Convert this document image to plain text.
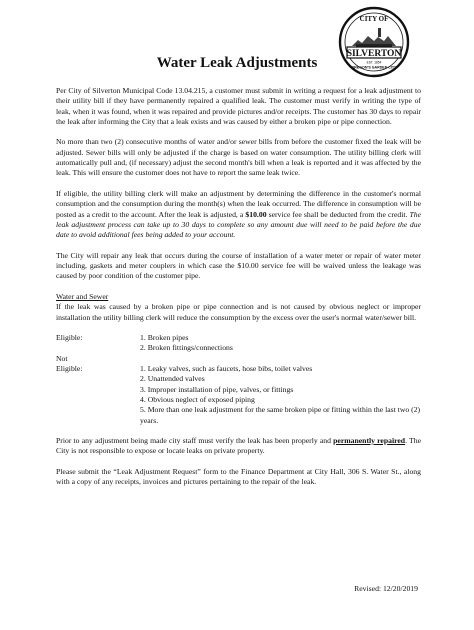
CITY OF
SILVERTON
EST. 1854
OREGON'S GARDEN CITY
Water Leak Adjustments

Per City of Silverton Municipal Code 13.04.215, a customer must submit in writing a request for a leak adjustment to their utility bill if they have permanently repaired a qualified leak. The customer must verify in writing the type of leak, when it was found, when it was repaired and provide pictures and/or receipts. The customer has 30 days to repair the leak after informing the City that a leak exists and was caused by either a broken pipe or pipe connection.

No more than two (2) consecutive months of water and/or sewer bills from before the customer fixed the leak will be adjusted. Sewer bills will only be adjusted if the charge is based on water consumption. The utility billing clerk will automatically pull and, (if necessary) adjust the second month's bill when a leak is reported and it was affected by the leak. This will ensure the customer does not have to report the same leak twice.

If eligible, the utility billing clerk will make an adjustment by determining the difference in the customer's normal consumption and the consumption during the month(s) when the leak occurred. The difference in consumption will be posted as a credit to the account. After the leak is adjusted, a $10.00 service fee shall be deducted from the credit. The leak adjustment process can take up to 30 days to complete so any amount due will need to be paid before the due date to avoid additional fees being added to your account.

The City will repair any leak that occurs during the course of installation of a water meter or repair of water meter including, gaskets and meter couplers in which case the $10.00 service fee will be waived unless the leakage was caused by poor condition of the customer pipe.

Water and Sewer
If the leak was caused by a broken pipe or pipe connection and is not caused by obvious neglect or improper installation the utility billing clerk will reduce the consumption by the excess over the user's normal water/sewer bill.

Eligible:	1. Broken pipes
2. Broken fittings/connections
Not
Eligible:
	1. Leaky valves, such as faucets, hose bibs, toilet valves
2. Unattended valves
3. Improper installation of pipe, valves, or fittings
4. Obvious neglect of exposed piping
5. More than one leak adjustment for the same broken pipe or fitting within the last two (2) years.

Prior to any adjustment being made city staff must verify the leak has been properly and permanently repaired. The City is not responsible to expose or locate leaks on private property.

Please submit the “Leak Adjustment Request” form to the Finance Department at City Hall, 306 S. Water St., along with a copy of any receipts, invoices and pictures pertaining to the repair of the leak.

Revised: 12/20/2019
